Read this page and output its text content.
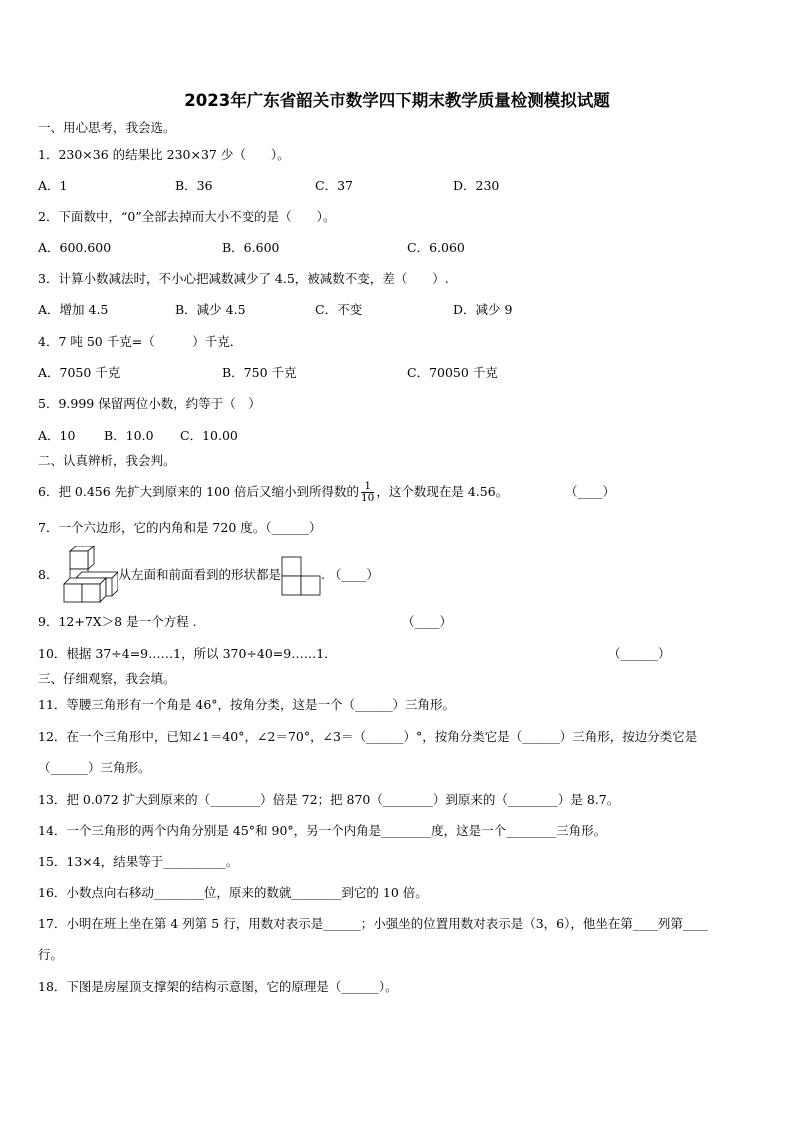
2023年广东省韶关市数学四下期末教学质量检测模拟试题
一、用心思考，我会选。
1．230×36 的结果比 230×37 少（　　）。
A．1	B．36	C．37	D．230
2．下面数中，“0”全部去掉而大小不变的是（　　）。
A．600.600	B．6.600	C．6.060
3．计算小数减法时，不小心把减数减少了 4.5，被减数不变，差（　　）.
A．增加 4.5	B．减少 4.5	C．不变	D．减少 9
4．7 吨 50 千克=（　　　）千克．
A．7050 千克	B．750 千克	C．70050 千克
5．9.999 保留两位小数，约等于（　）
A．10 B．10.0 C．10.00
二、认真辨析，我会判。
6．把 0.456 先扩大到原来的 100 倍后又缩小到所得数的 $\frac{1}{10}$ ，这个数现在是 4.56。	（____）
7．一个六边形，它的内角和是 720 度。（______）
8．	从左面和前面看到的形状都是	. （____）
9．12+7X＞8 是一个方程 .	（____）
10．根据 37÷4=9……1，所以 370÷40=9……1．	（______）
三、仔细观察，我会填。
11．等腰三角形有一个角是 46°，按角分类，这是一个（______）三角形。
12．在一个三角形中，已知∠1＝40°，∠2＝70°，∠3＝（______）°，按角分类它是（______）三角形，按边分类它是
（______）三角形。
13．把 0.072 扩大到原来的（________）倍是 72；把 870（________）到原来的（________）是 8.7。
14．一个三角形的两个内角分别是 45°和 90°，另一个内角是________度，这是一个________三角形。
15．13×4，结果等于__________。
16．小数点向右移动________位，原来的数就________到它的 10 倍。
17．小明在班上坐在第 4 列第 5 行，用数对表示是______；小强坐的位置用数对表示是（3，6），他坐在第____列第____
行。
18．下图是房屋顶支撑架的结构示意图，它的原理是（______）。
